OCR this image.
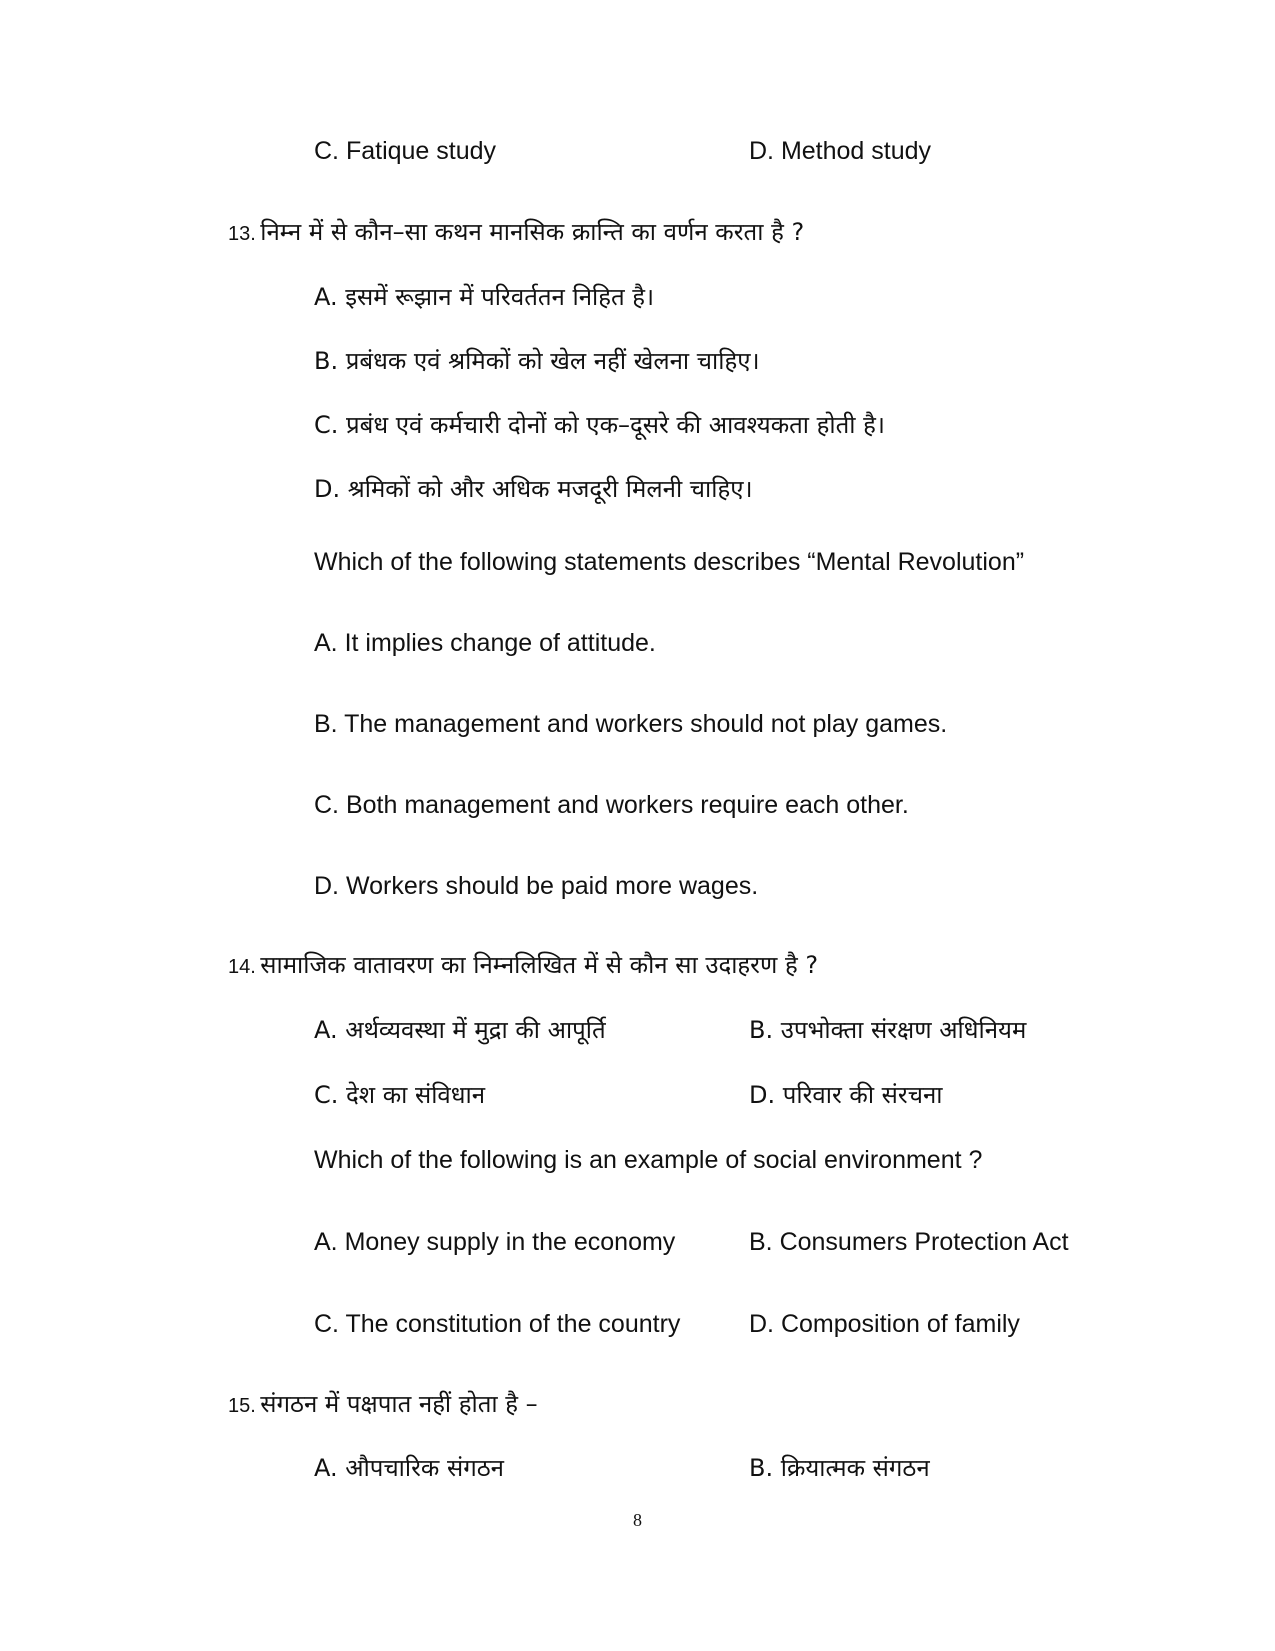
C. Fatique study	D. Method study
13. निम्न में से कौन–सा कथन मानसिक क्रान्ति का वर्णन करता है ?
A. इसमें रूझान में परिवर्ततन निहित है।
B. प्रबंधक एवं श्रमिकों को खेल नहीं खेलना चाहिए।
C. प्रबंध एवं कर्मचारी दोनों को एक–दूसरे की आवश्यकता होती है।
D. श्रमिकों को और अधिक मजदूरी मिलनी चाहिए।
Which of the following statements describes “Mental Revolution”
A. It implies change of attitude.
B. The management and workers should not play games.
C. Both management and workers require each other.
D. Workers should be paid more wages.
14. सामाजिक वातावरण का निम्नलिखित में से कौन सा उदाहरण है ?
A. अर्थव्यवस्था में मुद्रा की आपूर्ति	B. उपभोक्ता संरक्षण अधिनियम
C. देश का संविधान	D. परिवार की संरचना
Which of the following is an example of social environment ?
A. Money supply in the economy	B. Consumers Protection Act
C. The constitution of the country	D. Composition of family
15. संगठन में पक्षपात नहीं होता है –
A. औपचारिक संगठन	B. क्रियात्मक संगठन
8
